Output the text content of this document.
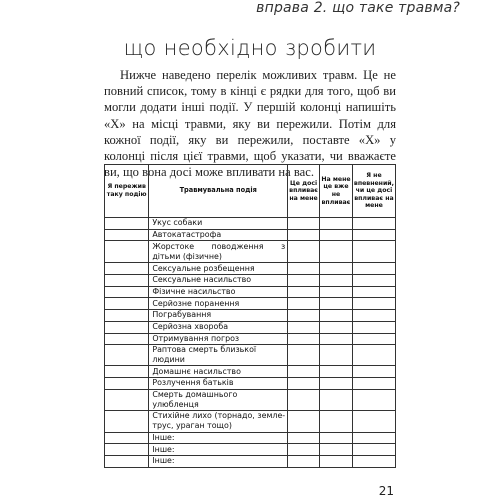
вправа 2. що таке травма?
що необхідно зробити

Нижче наведено перелік можливих травм. Це не повний список, тому в кінці є рядки для того, щоб ви могли додати інші події. У першій колонці напишіть «X» на місці травми, яку ви пережили. Потім для кожної події, яку ви пережили, поставте «X» у колонці після цієї травми, щоб указати, чи вважаєте ви, що вона досі може впливати на вас.

Я пережив таку подію	Травмувальна подія	Це досі впливає на мене	На мене це вже не впливає	Я не впевнений, чи це досі впливає на мене
	Укус собаки			
	Автокатастрофа			
	Жорстоке поводження з дітьми (фізичне)			
	Сексуальне розбещення			
	Сексуальне насильство			
	Фізичне насильство			
	Серйозне поранення			
	Пограбування			
	Серйозна хвороба			
	Отримування погроз			
	Раптова смерть близької людини			
	Домашнє насильство			
	Розлучення батьків			
	Смерть домашнього улюбленця			
	Стихійне лихо (торнадо, земле-трус, ураган тощо)			
	Інше:			
	Інше:			
	Інше:			
21
